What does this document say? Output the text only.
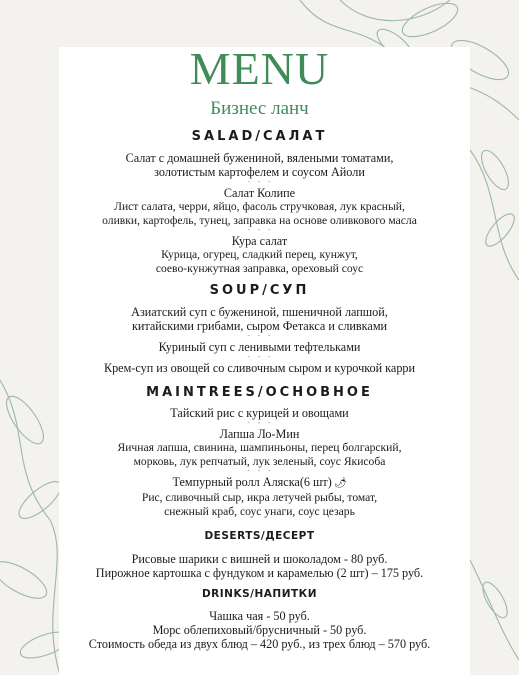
MENU
Бизнес ланч

SALAD/САЛАТ

Салат с домашней бужениной, вялеными томатами,

золотистым картофелем и соусом Айоли

- - -

Салат Колипе

Лист салата, черри, яйцо, фасоль стручковая, лук красный,

оливки, картофель, тунец, заправка на основе оливкового масла

- - -

Кура салат

Курица, огурец, сладкий перец, кунжут,

соево-кунжутная заправка, ореховый соус

SOUP/СУП

Азиатский суп с бужениной, пшеничной лапшой,

китайскими грибами, сыром Фетакса и сливками

- - -

Куриный суп с ленивыми тефтельками

- - -

Крем-суп из овощей со сливочным сыром и курочкой карри

MAINTREES/ОСНОВНОЕ

Тайский рис с курицей и овощами

- - -

Лапша Ло-Мин

Яичная лапша, свинина, шампиньоны, перец болгарский,

морковь, лук репчатый, лук зеленый, соус Якисоба

- - -

Темпурный ролл Аляска(6 шт) 🌶

Рис, сливочный сыр, икра летучей рыбы, томат,

снежный краб, соус унаги, соус цезарь

DESERTS/ДЕСЕРТ

Рисовые шарики с вишней и шоколадом - 80 руб.

Пирожное картошка с фундуком и карамелью (2 шт) – 175 руб.

DRINKS/НАПИТКИ

Чашка чая - 50 руб.

Морс облепиховый/брусничный - 50 руб.

Стоимость обеда из двух блюд – 420 руб., из трех блюд – 570 руб.
